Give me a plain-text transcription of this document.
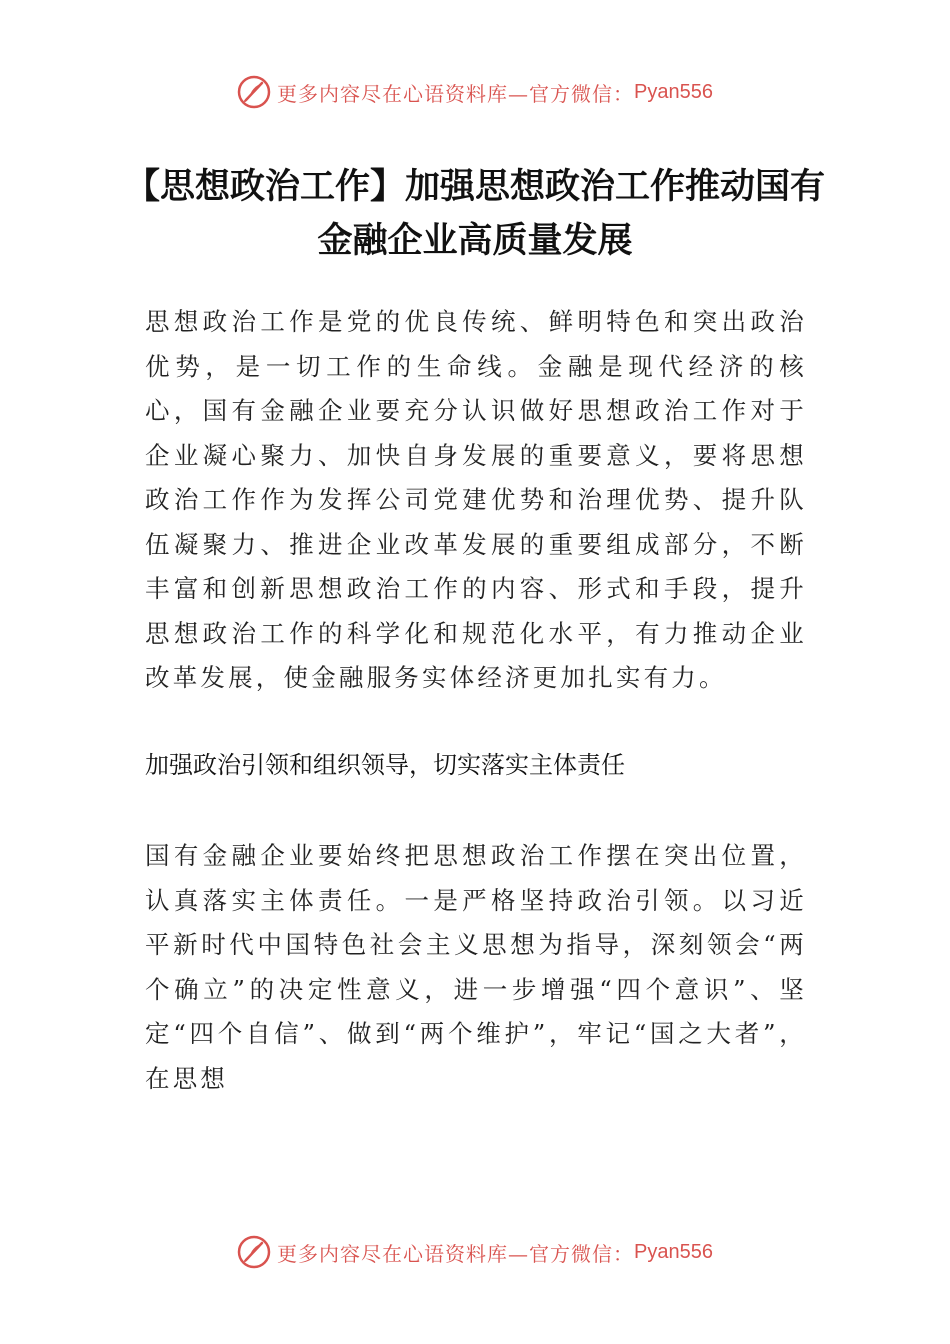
更多内容尽在心语资料库—官方微信： Pyan556
【思想政治工作】加强思想政治工作推动国有金融企业高质量发展

思想政治工作是党的优良传统、鲜明特色和突出政治优势，是一切工作的生命线。金融是现代经济的核心，国有金融企业要充分认识做好思想政治工作对于企业凝心聚力、加快自身发展的重要意义，要将思想政治工作作为发挥公司党建优势和治理优势、提升队伍凝聚力、推进企业改革发展的重要组成部分，不断丰富和创新思想政治工作的内容、形式和手段，提升思想政治工作的科学化和规范化水平，有力推动企业改革发展，使金融服务实体经济更加扎实有力。

加强政治引领和组织领导，切实落实主体责任

国有金融企业要始终把思想政治工作摆在突出位置，认真落实主体责任。一是严格坚持政治引领。以习近平新时代中国特色社会主义思想为指导，深刻领会“两个确立”的决定性意义，进一步增强“四个意识”、坚定“四个自信”、做到“两个维护”，牢记“国之大者”，在思想

更多内容尽在心语资料库—官方微信： Pyan556
